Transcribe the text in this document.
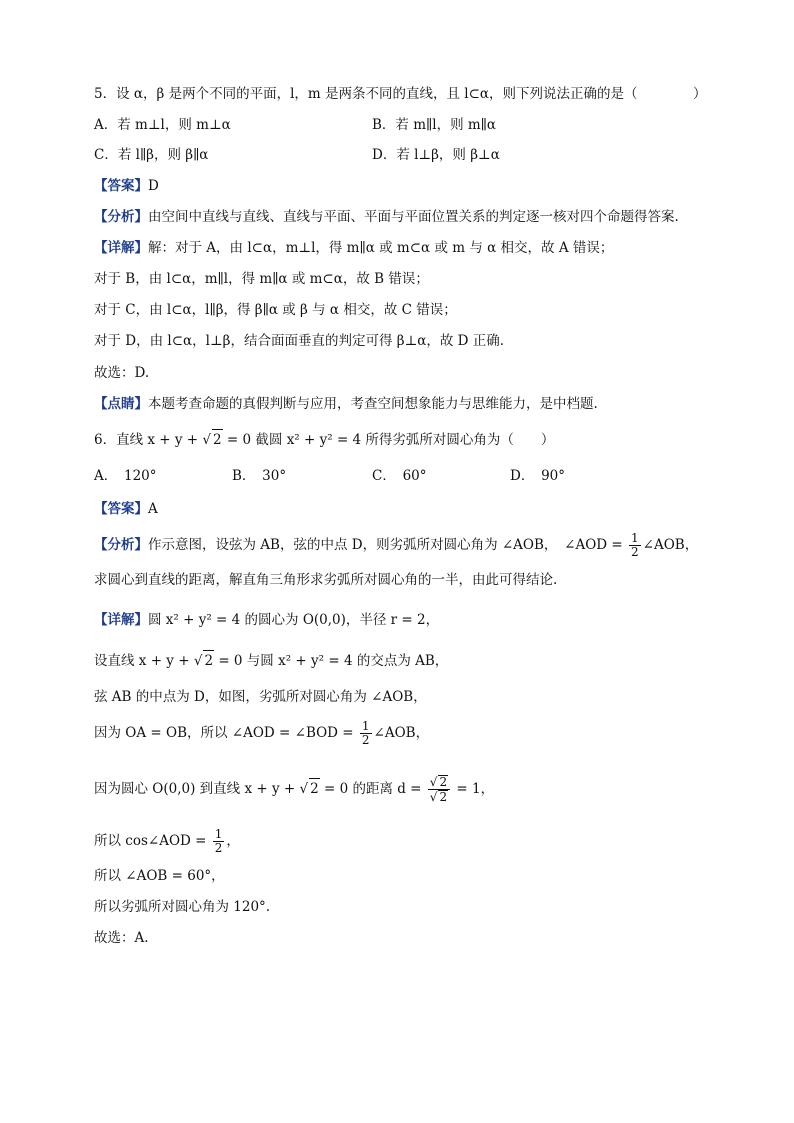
5．设 α，β 是两个不同的平面，l，m 是两条不同的直线，且 l⊂α，则下列说法正确的是（	）
A．若 m⊥l，则 m⊥α	B．若 m∥l，则 m∥α
C．若 l∥β，则 β∥α	D．若 l⊥β，则 β⊥α
【答案】D
【分析】由空间中直线与直线、直线与平面、平面与平面位置关系的判定逐一核对四个命题得答案.
【详解】解：对于 A，由 l⊂α，m⊥l，得 m∥α 或 m⊂α 或 m 与 α 相交，故 A 错误；
对于 B，由 l⊂α，m∥l，得 m∥α 或 m⊂α，故 B 错误；
对于 C，由 l⊂α，l∥β，得 β∥α 或 β 与 α 相交，故 C 错误；
对于 D，由 l⊂α，l⊥β，结合面面垂直的判定可得 β⊥α，故 D 正确.
故选：D.
【点睛】本题考查命题的真假判断与应用，考查空间想象能力与思维能力，是中档题.
6．直线 x + y + √ 2 = 0 截圆 x² + y² = 4 所得劣弧所对圆心角为（　　）
A．　120°	B．　30°	C．　60°	D．　90°
【答案】A
【分析】作示意图，设弦为 AB，弦的中点 D，则劣弧所对圆心角为 ∠AOB，　∠AOD = $\frac{1}{2}$ ∠AOB，
求圆心到直线的距离，解直角三角形求劣弧所对圆心角的一半，由此可得结论.
【详解】圆 x² + y² = 4 的圆心为 O(0,0)，半径 r = 2，
设直线 x + y + √ 2 = 0 与圆 x² + y² = 4 的交点为 AB，
弦 AB 的中点为 D，如图，劣弧所对圆心角为 ∠AOB，
因为 OA = OB，所以 ∠AOD = ∠BOD = $\frac{1}{2}$ ∠AOB，
因为圆心 O(0,0) 到直线 x + y + √ 2 = 0 的距离 $d = \frac{√ 2}{√ 2} = 1$，
所以 cos∠AOD = $\frac{1}{2}$ ，
所以 ∠AOB = 60°，
所以劣弧所对圆心角为 120°.
故选：A.
